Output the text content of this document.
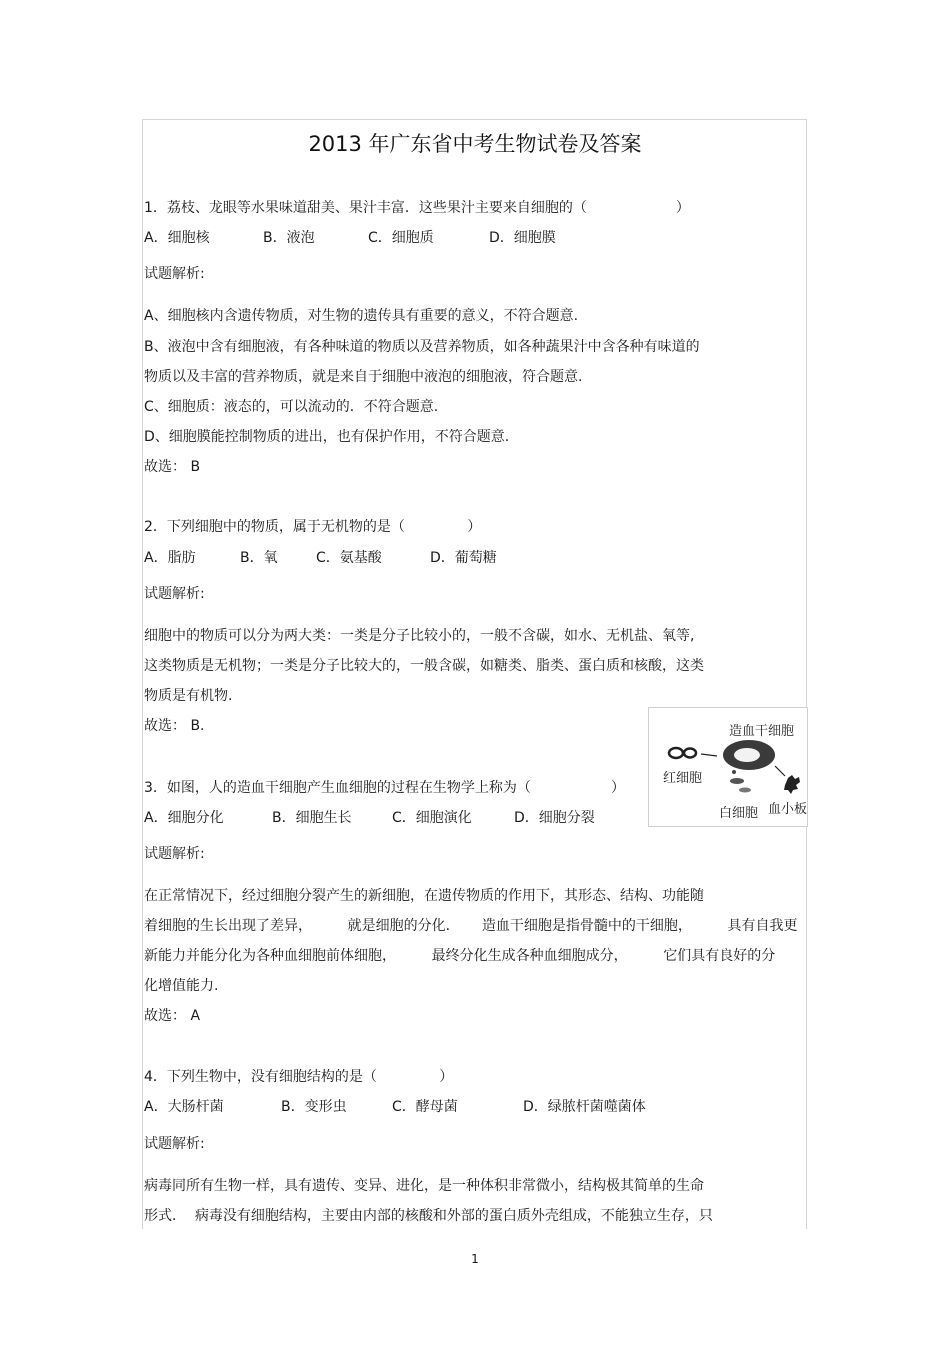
2013 年广东省中考生物试卷及答案
1．荔枝、龙眼等水果味道甜美、果汁丰富．这些果汁主要来自细胞的（                    ）
A．细胞核	B．液泡	C．细胞质	D．细胞膜
试题解析:
A、细胞核内含遗传物质，对生物的遗传具有重要的意义，不符合题意.
B、液泡中含有细胞液，有各种味道的物质以及营养物质，如各种蔬果汁中含各种有味道的
物质以及丰富的营养物质，就是来自于细胞中液泡的细胞液，符合题意.
C、细胞质：液态的，可以流动的．不符合题意.
D、细胞膜能控制物质的进出，也有保护作用，不符合题意.
故选： B
2．下列细胞中的物质，属于无机物的是（              ）
A．脂肪	B．氧	C．氨基酸	D．葡萄糖
试题解析:
细胞中的物质可以分为两大类：一类是分子比较小的，一般不含碳，如水、无机盐、氧等,
这类物质是无机物；一类是分子比较大的，一般含碳，如糖类、脂类、蛋白质和核酸，这类
物质是有机物.
故选： B.
3．如图，人的造血干细胞产生血细胞的过程在生物学上称为（                  ）
A．细胞分化	B．细胞生长	C．细胞演化	D．细胞分裂
造血干细胞
红细胞
白细胞 血小板
试题解析:
在正常情况下，经过细胞分裂产生的新细胞，在遗传物质的作用下，其形态、结构、功能随
着细胞的生长出现了差异，        就是细胞的分化．     造血干细胞是指骨髓中的干细胞，        具有自我更
新能力并能分化为各种血细胞前体细胞，        最终分化生成各种血细胞成分，        它们具有良好的分
化增值能力.
故选： A
4．下列生物中，没有细胞结构的是（              ）
A．大肠杆菌	B．变形虫	C．酵母菌	D．绿脓杆菌噬菌体
试题解析:
病毒同所有生物一样，具有遗传、变异、进化，是一种体积非常微小，结构极其简单的生命
形式．  病毒没有细胞结构，主要由内部的核酸和外部的蛋白质外壳组成，不能独立生存，只
1
